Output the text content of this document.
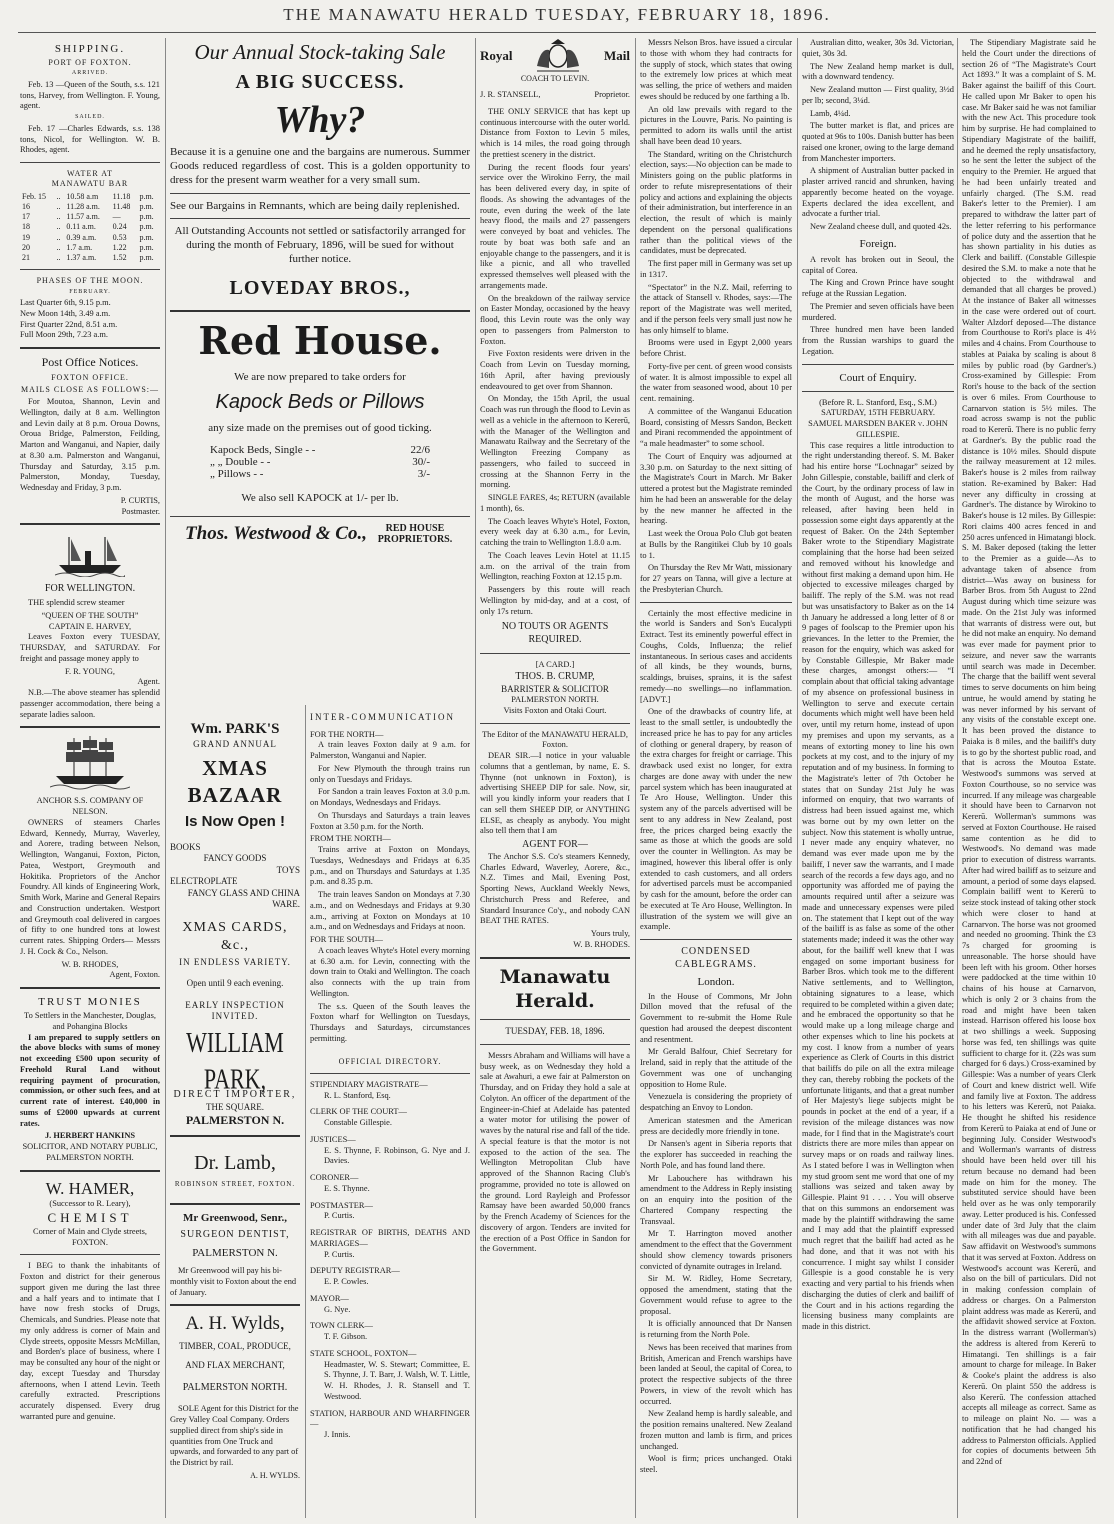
THE MANAWATU HERALD TUESDAY, FEBRUARY 18, 1896.
SHIPPING.
PORT OF FOXTON.
ARRIVED.

Feb. 13 —Queen of the South, s.s. 121 tons, Harvey, from Wellington. F. Young, agent.

SAILED.

Feb. 17 —Charles Edwards, s.s. 138 tons, Nicol, for Wellington. W. B. Rhodes, agent.

WATER AT MANAWATU BAR
Feb. 15	..	10.58 a.m	11.18	p.m.
16	..	11.28 a.m.	11.48	p.m.
17	..	11.57 a.m.	—	p.m.
18	..	0.11 a.m.	0.24	p.m.
19	..	0.39 a.m.	0.53	p.m.
20	..	1.7 a.m.	1.22	p.m.
21	..	1.37 a.m.	1.52	p.m.
PHASES OF THE MOON.
FEBRUARY.
Last Quarter 6th, 9.15 p.m.
New Moon 14th, 3.49 a.m.
First Quarter 22nd, 8.51 a.m.
Full Moon 29th, 7.23 a.m.
Post Office Notices.
FOXTON OFFICE.
MAILS CLOSE AS FOLLOWS:—

For Moutoa, Shannon, Levin and Wellington, daily at 8 a.m. Wellington and Levin daily at 8 p.m. Oroua Downs, Oroua Bridge, Palmerston, Feilding, Marton and Wanganui, and Napier, daily at 8.30 a.m. Palmerston and Wanganui, Thursday and Saturday, 3.15 p.m. Palmerston, Monday, Tuesday, Wednesday and Friday, 3 p.m.

P. CURTIS,
Postmaster.
FOR WELLINGTON.

THE splendid screw steamer

“QUEEN OF THE SOUTH”
CAPTAIN E. HARVEY,

Leaves Foxton every TUESDAY, THURSDAY, and SATURDAY. For freight and passage money apply to

F. R. YOUNG,
Agent.

N.B.—The above steamer has splendid passenger accommodation, there being a separate ladies saloon.

ANCHOR S.S. COMPANY OF NELSON.

OWNERS of steamers Charles Edward, Kennedy, Murray, Waverley, and Aorere, trading between Nelson, Wellington, Wanganui, Foxton, Picton, Patea, Westport, Greymouth and Hokitika. Proprietors of the Anchor Foundry. All kinds of Engineering Work, Smith Work, Marine and General Repairs and Construction undertaken. Westport and Greymouth coal delivered in cargoes of fifty to one hundred tons at lowest current rates. Shipping Orders— Messrs J. H. Cock & Co., Nelson.

W. B. RHODES,
Agent, Foxton.
TRUST MONIES
To Settlers in the Manchester, Douglas, and Pohangina Blocks

I am prepared to supply settlers on the above blocks with sums of money not exceeding £500 upon security of Freehold Rural Land without requiring payment of procuration, commission, or other such fees, and at current rate of interest. £40,000 in sums of £2000 upwards at current rates.

J. HERBERT HANKINS
SOLICITOR, AND NOTARY PUBLIC,
PALMERSTON NORTH.
W. HAMER,
(Successor to R. Leary),
CHEMIST
Corner of Main and Clyde streets, FOXTON.

I BEG to thank the inhabitants of Foxton and district for their generous support given me during the last three and a half years and to intimate that I have now fresh stocks of Drugs, Chemicals, and Sundries. Please note that my only address is corner of Main and Clyde streets, opposite Messrs McMillan, and Borden's place of business, where I may be consulted any hour of the night or day, except Tuesday and Thursday afternoons, when I attend Levin. Teeth carefully extracted. Prescriptions accurately dispensed. Every drug warranted pure and genuine.

Our Annual Stock-taking Sale
A BIG SUCCESS.
Why?
Because it is a genuine one and the bargains are numerous. Summer Goods reduced regardless of cost. This is a golden opportunity to dress for the present warm weather for a very small sum.
See our Bargains in Remnants, which are being daily replenished.
All Outstanding Accounts not settled or satisfactorily arranged for during the month of February, 1896, will be sued for without further notice.
LOVEDAY BROS.,
Red House.
We are now prepared to take orders for
Kapock Beds or Pillows
any size made on the premises out of good ticking.
Kapock Beds, Single - -	22/6
„ „ Double - -	30/-
„ Pillows - -	3/-
We also sell KAPOCK at 1/- per lb.
Thos. Westwood & Co.,	RED HOUSE PROPRIETORS.
Wm. PARK'S
GRAND ANNUAL
XMAS BAZAAR
Is Now Open !
BOOKS
FANCY GOODS
TOYS
ELECTROPLATE
FANCY GLASS AND CHINA WARE.
XMAS CARDS, &c.,
IN ENDLESS VARIETY.
Open until 9 each evening.
EARLY INSPECTION INVITED.
WILLIAM PARK,
DIRECT IMPORTER,
THE SQUARE.
PALMERSTON N.
Dr. Lamb,
ROBINSON STREET, FOXTON.
Mr Greenwood, Senr.,
SURGEON DENTIST,
PALMERSTON N.

Mr Greenwood will pay his bi-monthly visit to Foxton about the end of January.

A. H. Wylds,
TIMBER, COAL, PRODUCE,
AND FLAX MERCHANT,
PALMERSTON NORTH.

SOLE Agent for this District for the Grey Valley Coal Company. Orders supplied direct from ship's side in quantities from One Truck and upwards, and forwarded to any part of the District by rail.

A. H. WYLDS.
INTER-COMMUNICATION
FOR THE NORTH—

A train leaves Foxton daily at 9 a.m. for Palmerston, Wanganui and Napier.

For New Plymouth the through trains run only on Tuesdays and Fridays.

For Sandon a train leaves Foxton at 3.0 p.m. on Mondays, Wednesdays and Fridays.

On Thursdays and Saturdays a train leaves Foxton at 3.50 p.m. for the North.

FROM THE NORTH—

Trains arrive at Foxton on Mondays, Tuesdays, Wednesdays and Fridays at 6.35 p.m., and on Thursdays and Saturdays at 1.35 p.m. and 8.35 p.m.

The train leaves Sandon on Mondays at 7.30 a.m., and on Wednesdays and Fridays at 9.30 a.m., arriving at Foxton on Mondays at 10 a.m., and on Wednesdays and Fridays at noon.

FOR THE SOUTH—

A coach leaves Whyte's Hotel every morning at 6.30 a.m. for Levin, connecting with the down train to Otaki and Wellington. The coach also connects with the up train from Wellington.

The s.s. Queen of the South leaves the Foxton wharf for Wellington on Tuesdays, Thursdays and Saturdays, circumstances permitting.

OFFICIAL DIRECTORY.
STIPENDIARY MAGISTRATE—
R. L. Stanford, Esq.
CLERK OF THE COURT—
Constable Gillespie.
JUSTICES—
E. S. Thynne, F. Robinson, G. Nye and J. Davies.
CORONER—
E. S. Thynne.
POSTMASTER—
P. Curtis.
REGISTRAR OF BIRTHS, DEATHS AND MARRIAGES—
P. Curtis.
DEPUTY REGISTRAR—
E. P. Cowles.
MAYOR—
G. Nye.
TOWN CLERK—
T. F. Gibson.
STATE SCHOOL, FOXTON—
Headmaster, W. S. Stewart; Committee, E. S. Thynne, J. T. Barr, J. Walsh, W. T. Little, W. H. Rhodes, J. R. Stansell and T. Westwood.
STATION, HARBOUR AND WHARFINGER—
J. Innis.
Royal	Mail
COACH TO LEVIN.
J. R. STANSELL,	Proprietor.

THE ONLY SERVICE that has kept up continuous intercourse with the outer world. Distance from Foxton to Levin 5 miles, which is 14 miles, the road going through the prettiest scenery in the district.

During the recent floods four years' service over the Wirokino Ferry, the mail has been delivered every day, in spite of floods. As showing the advantages of the route, even during the week of the late heavy flood, the mails and 27 passengers were conveyed by boat and vehicles. The route by boat was both safe and an enjoyable change to the passengers, and it is like a picnic, and all who travelled expressed themselves well pleased with the arrangements made.

On the breakdown of the railway service on Easter Monday, occasioned by the heavy flood, this Levin route was the only way open to passengers from Palmerston to Foxton.

Five Foxton residents were driven in the Coach from Levin on Tuesday morning, 16th April, after having previously endeavoured to get over from Shannon.

On Monday, the 15th April, the usual Coach was run through the flood to Levin as well as a vehicle in the afternoon to Kererū, with the Manager of the Wellington and Manawatu Railway and the Secretary of the Wellington Freezing Company as passengers, who failed to succeed in crossing at the Shannon Ferry in the morning.

SINGLE FARES, 4s; RETURN (available 1 month), 6s.

The Coach leaves Whyte's Hotel, Foxton, every week day at 6.30 a.m., for Levin, catching the train to Wellington 1.8.0 a.m.

The Coach leaves Levin Hotel at 11.15 a.m. on the arrival of the train from Wellington, reaching Foxton at 12.15 p.m.

Passengers by this route will reach Wellington by mid-day, and at a cost, of only 17s return.

NO TOUTS OR AGENTS REQUIRED.
[A CARD.]
THOS. B. CRUMP,
BARRISTER & SOLICITOR
PALMERSTON NORTH.
Visits Foxton and Otaki Court.
The Editor of the MANAWATU HERALD, Foxton.

DEAR SIR.—I notice in your valuable columns that a gentleman, by name, E. S. Thynne (not unknown in Foxton), is advertising SHEEP DIP for sale. Now, sir, will you kindly inform your readers that I can sell them SHEEP DIP, or ANYTHING ELSE, as cheaply as anybody. You might also tell them that I am

AGENT FOR—

The Anchor S.S. Co's steamers Kennedy, Charles Edward, Waverley, Aorere, &c., N.Z. Times and Mail, Evening Post, Sporting News, Auckland Weekly News, Christchurch Press and Referee, and Standard Insurance Co'y., and nobody CAN BEAT THE RATES.

Yours truly,
W. B. RHODES.
Manawatu Herald.
TUESDAY, FEB. 18, 1896.

Messrs Abraham and Williams will have a busy week, as on Wednesday they hold a sale at Awahuri, a ewe fair at Palmerston on Thursday, and on Friday they hold a sale at Colyton. An officer of the department of the Engineer-in-Chief at Adelaide has patented a water motor for utilising the power of waves by the natural rise and fall of the tide. A special feature is that the motor is not exposed to the action of the sea. The Wellington Metropolitan Club have approved of the Shannon Racing Club's programme, provided no tote is allowed on the ground. Lord Rayleigh and Professor Ramsay have been awarded 50,000 francs by the French Academy of Sciences for the discovery of argon. Tenders are invited for the erection of a Post Office in Sandon for the Government.

Messrs Nelson Bros. have issued a circular to those with whom they had contracts for the supply of stock, which states that owing to the extremely low prices at which meat was selling, the price of wethers and maiden ewes should be reduced by one farthing a lb.

An old law prevails with regard to the pictures in the Louvre, Paris. No painting is permitted to adorn its walls until the artist shall have been dead 10 years.

The Standard, writing on the Christchurch election, says:—No objection can be made to Ministers going on the public platforms in order to refute misrepresentations of their policy and actions and explaining the objects of their administration, but interference in an election, the result of which is mainly dependent on the personal qualifications rather than the political views of the candidates, must be deprecated.

The first paper mill in Germany was set up in 1317.

“Spectator” in the N.Z. Mail, referring to the attack of Stansell v. Rhodes, says:—The report of the Magistrate was well merited, and if the person feels very small just now he has only himself to blame.

Brooms were used in Egypt 2,000 years before Christ.

Forty-five per cent. of green wood consists of water. It is almost impossible to expel all the water from seasoned wood, about 10 per cent. remaining.

A committee of the Wanganui Education Board, consisting of Messrs Sandon, Beckett and Pirani recommended the appointment of “a male headmaster” to some school.

The Court of Enquiry was adjourned at 3.30 p.m. on Saturday to the next sitting of the Magistrate's Court in March. Mr Baker uttered a protest but the Magistrate reminded him he had been an answerable for the delay by the new manner he affected in the hearing.

Last week the Oroua Polo Club got beaten at Bulls by the Rangitikei Club by 10 goals to 1.

On Thursday the Rev Mr Watt, missionary for 27 years on Tanna, will give a lecture at the Presbyterian Church.

Certainly the most effective medicine in the world is Sanders and Son's Eucalypti Extract. Test its eminently powerful effect in Coughs, Colds, Influenza; the relief instantaneous. In serious cases and accidents of all kinds, be they wounds, burns, scaldings, bruises, sprains, it is the safest remedy—no swellings—no inflammation. [ADVT.]

One of the drawbacks of country life, at least to the small settler, is undoubtedly the increased price he has to pay for any articles of clothing or general drapery, by reason of the extra charges for freight or carriage. This drawback used exist no longer, for extra charges are done away with under the new parcel system which has been inaugurated at Te Aro House, Wellington. Under this system any of the parcels advertised will be sent to any address in New Zealand, post free, the prices charged being exactly the same as those at which the goods are sold over the counter in Wellington. As may be imagined, however this liberal offer is only extended to cash customers, and all orders for advertised parcels must be accompanied by cash for the amount, before the order can be executed at Te Aro House, Wellington. In illustration of the system we will give an example.

CONDENSED CABLEGRAMS.
London.

In the House of Commons, Mr John Dillon moved that the refusal of the Government to re-submit the Home Rule question had aroused the deepest discontent and resentment.

Mr Gerald Balfour, Chief Secretary for Ireland, said in reply that the attitude of the Government was one of unchanging opposition to Home Rule.

Venezuela is considering the propriety of despatching an Envoy to London.

American statesmen and the American press are decidedly more friendly in tone.

Dr Nansen's agent in Siberia reports that the explorer has succeeded in reaching the North Pole, and has found land there.

Mr Labouchere has withdrawn his amendment to the Address in Reply insisting on an enquiry into the position of the Chartered Company respecting the Transvaal.

Mr T. Harrington moved another amendment to the effect that the Government should show clemency towards prisoners convicted of dynamite outrages in Ireland.

Sir M. W. Ridley, Home Secretary, opposed the amendment, stating that the Government would refuse to agree to the proposal.

It is officially announced that Dr Nansen is returning from the North Pole.

News has been received that marines from British, American and French warships have been landed at Seoul, the capital of Corea, to protect the respective subjects of the three Powers, in view of the revolt which has occurred.

New Zealand hemp is hardly saleable, and the position remains unaltered. New Zealand frozen mutton and lamb is firm, and prices unchanged.

Wool is firm; prices unchanged. Otaki steel.

Australian ditto, weaker, 30s 3d. Victorian, quiet, 30s 3d.

The New Zealand hemp market is dull, with a downward tendency.

New Zealand mutton — First quality, 3½d per lb; second, 3¼d.

Lamb, 4¼d.

The butter market is flat, and prices are quoted at 96s to 100s. Danish butter has been raised one kroner, owing to the large demand from Manchester importers.

A shipment of Australian butter packed in plaster arrived rancid and shrunken, having apparently become heated on the voyage. Experts declared the idea excellent, and advocate a further trial.

New Zealand cheese dull, and quoted 42s.

Foreign.

A revolt has broken out in Seoul, the capital of Corea.

The King and Crown Prince have sought refuge at the Russian Legation.

The Premier and seven officials have been murdered.

Three hundred men have been landed from the Russian warships to guard the Legation.

Court of Enquiry.
(Before R. L. Stanford, Esq., S.M.)
SATURDAY, 15TH FEBRUARY.
SAMUEL MARSDEN BAKER v. JOHN GILLESPIE.

This case requires a little introduction to the right understanding thereof. S. M. Baker had his entire horse “Lochnagar” seized by John Gillespie, constable, bailiff and clerk of the Court, by the ordinary process of law in the month of August, and the horse was released, after having been held in possession some eight days apparently at the request of Baker. On the 24th September Baker wrote to the Stipendiary Magistrate complaining that the horse had been seized and removed without his knowledge and without first making a demand upon him. He objected to excessive mileages charged by bailiff. The reply of the S.M. was not read but was unsatisfactory to Baker as on the 14 th January he addressed a long letter of 8 or 9 pages of foolscap to the Premier upon his grievances. In the letter to the Premier, the reason for the enquiry, which was asked for by Constable Gillespie, Mr Baker made these charges, amongst others:— “I complain about that official taking advantage of my absence on professional business in Wellington to serve and execute certain documents which might well have been held over, until my return home, instead of upon my premises and upon my servants, as a means of extorting money to line his own pockets at my cost, and to the injury of my reputation and of my business. In forming to the Magistrate's letter of 7th October he states that on Sunday 21st July he was informed on enquiry, that two warrants of distress had been issued against me, which was borne out by my own letter on the subject. Now this statement is wholly untrue, I never made any enquiry whatever, no demand was ever made upon me by the bailiff, I never saw the warrants, and I made search of the records a few days ago, and no opportunity was afforded me of paying the amounts required until after a seizure was made and unnecessary expenses were piled on. The statement that I kept out of the way of the bailiff is as false as some of the other statements made; indeed it was the other way about, for the bailiff well knew that I was engaged on some important business for Barber Bros. which took me to the different Native settlements, and to Wellington, obtaining signatures to a lease, which required to be completed within a given date; and he embraced the opportunity so that he would make up a long mileage charge and other expenses which to line his pockets at my cost. I know from a number of years experience as Clerk of Courts in this district that bailiffs do pile on all the extra mileage they can, thereby robbing the pockets of the unfortunate litigants, and that a great number of Her Majesty's liege subjects might be pounds in pocket at the end of a year, if a revision of the mileage distances was now made, for I find that in the Magistrate's court districts there are more miles than appear on survey maps or on roads and railway lines. As I stated before I was in Wellington when my stud groom sent me word that one of my stallions was seized and taken away by Gillespie. Plaint 91 . . . . You will observe that on this summons an endorsement was made by the plaintiff withdrawing the same and I may add that the plaintiff expressed much regret that the bailiff had acted as he had done, and that it was not with his concurrence. I might say whilst I consider Gillespie is a good constable he is very exacting and very partial to his friends when discharging the duties of clerk and bailiff of the Court and in his actions regarding the licensing business many complaints are made in this district.

The Stipendiary Magistrate said he held the Court under the directions of section 26 of “The Magistrate's Court Act 1893.” It was a complaint of S. M. Baker against the bailiff of this Court. He called upon Mr Baker to open his case. Mr Baker said he was not familiar with the new Act. This procedure took him by surprise. He had complained to Stipendiary Magistrate of the bailiff, and he deemed the reply unsatisfactory, so he sent the letter the subject of the enquiry to the Premier. He argued that he had been unfairly treated and unfairly charged. (The S.M. read Baker's letter to the Premier). I am prepared to withdraw the latter part of the letter referring to his performance of police duty and the assertion that he has shown partiality in his duties as Clerk and bailiff. (Constable Gillespie desired the S.M. to make a note that he objected to the withdrawal and demanded that all charges be proved.) At the instance of Baker all witnesses in the case were ordered out of court. Walter Alzdorf deposed—The distance from Courthouse to Rori's place is 4½ miles and 4 chains. From Courthouse to stables at Paiaka by scaling is about 8 miles by public road (by Gardner's.) Cross-examined by Gillespie: From Rori's house to the back of the section is over 6 miles. From Courthouse to Carnarvon station is 5½ miles. The road across swamp is not the public road to Kererū. There is no public ferry at Gardner's. By the public road the distance is 10½ miles. Should dispute the railway measurement at 12 miles. Baker's house is 2 miles from railway station. Re-examined by Baker: Had never any difficulty in crossing at Gardner's. The distance by Wirokino to Baker's house is 12 miles. By Gillespie: Rori claims 400 acres fenced in and 250 acres unfenced in Himatangi block. S. M. Baker deposed (taking the letter to the Premier as a guide—As to advantage taken of absence from district—Was away on business for Barber Bros. from 5th August to 22nd August during which time seizure was made. On the 21st July was informed that warrants of distress were out, but he did not make an enquiry. No demand was ever made for payment prior to seizure, and never saw the warrants until search was made in December. The charge that the bailiff went several times to serve documents on him being untrue, he would amend by stating he was never informed by his servant of any visits of the constable except one. It has been proved the distance to Paiaka is 8 miles, and the bailiff's duty is to go by the shortest public road, and that is across the Moutoa Estate. Westwood's summons was served at Foxton Courthouse, so no service was incurred. If any mileage was chargeable it should have been to Carnarvon not Kererū. Wollerman's summons was served at Foxton Courthouse. He raised same contention as he did to Westwood's. No demand was made prior to execution of distress warrants. After had wired bailiff as to seizure and amount, a period of some days elapsed. Complain bailiff went to Kererū to seize stock instead of taking other stock which were closer to hand at Carnarvon. The horse was not groomed and needed no grooming. Think the £3 7s charged for grooming is unreasonable. The horse should have been left with his groom. Other horses were paddocked at the time within 10 chains of his house at Carnarvon, which is only 2 or 3 chains from the road and might have been taken instead. Harrison offered his loose box at two shillings a week. Supposing horse was fed, ten shillings was quite sufficient to charge for it. (22s was sum charged for 6 days.) Cross-examined by Gillespie: Was a number of years Clerk of Court and knew district well. Wife and family live at Foxton. The address to his letters was Kererū, not Paiaka. He thought he shifted his residence from Kererū to Paiaka at end of June or beginning July. Consider Westwood's and Wollerman's warrants of distress should have been held over till his return because no demand had been made on him for the money. The substituted service should have been held over as he was only temporarily away. Letter produced is his. Confessed under date of 3rd July that the claim with all mileages was due and payable. Saw affidavit on Westwood's summons that it was served at Foxton. Address on Westwood's account was Kererū, and also on the bill of particulars. Did not in making confession complain of address or charges. On a Palmerston plaint address was made as Kererū, and the affidavit showed service at Foxton. In the distress warrant (Wollerman's) the address is altered from Kererū to Himatangi. Ten shillings is a fair amount to charge for mileage. In Baker & Cooke's plaint the address is also Kererū. On plaint 550 the address is also Kererū. The confession attached accepts all mileage as correct. Same as to mileage on plaint No. — was a notification that he had changed his address to Palmerston officials. Applied for copies of documents between 5th and 22nd of
